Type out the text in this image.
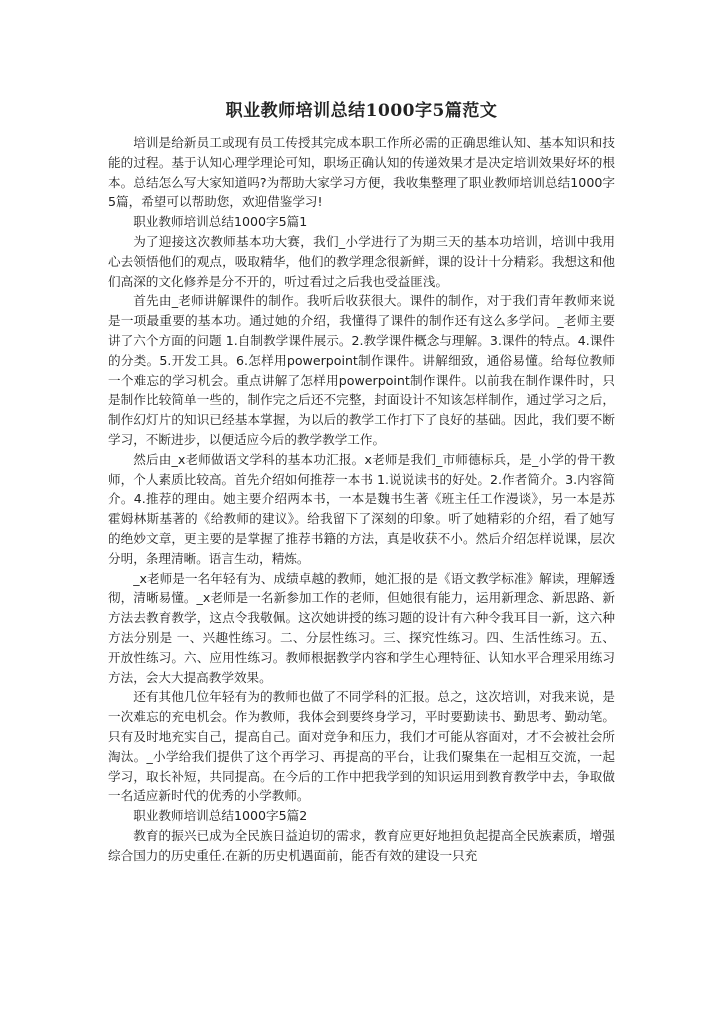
职业教师培训总结1000字5篇范文

培训是给新员工或现有员工传授其完成本职工作所必需的正确思维认知、基本知识和技能的过程。基于认知心理学理论可知，职场正确认知的传递效果才是决定培训效果好坏的根本。总结怎么写大家知道吗?为帮助大家学习方便，我收集整理了职业教师培训总结1000字5篇，希望可以帮助您，欢迎借鉴学习!

职业教师培训总结1000字5篇1

为了迎接这次教师基本功大赛，我们_小学进行了为期三天的基本功培训，培训中我用心去领悟他们的观点，吸取精华，他们的教学理念很新鲜，课的设计十分精彩。我想这和他们高深的文化修养是分不开的，听过看过之后我也受益匪浅。

首先由_老师讲解课件的制作。我听后收获很大。课件的制作，对于我们青年教师来说是一项最重要的基本功。通过她的介绍，我懂得了课件的制作还有这么多学问。_老师主要讲了六个方面的问题 1.自制教学课件展示。2.教学课件概念与理解。3.课件的特点。4.课件的分类。5.开发工具。6.怎样用powerpoint制作课件。讲解细致，通俗易懂。给每位教师一个难忘的学习机会。重点讲解了怎样用powerpoint制作课件。以前我在制作课件时，只是制作比较简单一些的，制作完之后还不完整，封面设计不知该怎样制作，通过学习之后，制作幻灯片的知识已经基本掌握，为以后的教学工作打下了良好的基础。因此，我们要不断学习，不断进步，以便适应今后的教学教学工作。

然后由_x老师做语文学科的基本功汇报。x老师是我们_市师德标兵，是_小学的骨干教师，个人素质比较高。首先介绍如何推荐一本书 1.说说读书的好处。2.作者简介。3.内容简介。4.推荐的理由。她主要介绍两本书，一本是魏书生著《班主任工作漫谈》，另一本是苏霍姆林斯基著的《给教师的建议》。给我留下了深刻的印象。听了她精彩的介绍，看了她写的绝妙文章，更主要的是掌握了推荐书籍的方法，真是收获不小。然后介绍怎样说课，层次分明，条理清晰。语言生动，精炼。

_x老师是一名年轻有为、成绩卓越的教师，她汇报的是《语文教学标准》解读，理解透彻，清晰易懂。_x老师是一名新参加工作的老师，但她很有能力，运用新理念、新思路、新方法去教育教学，这点令我敬佩。这次她讲授的练习题的设计有六种令我耳目一新，这六种方法分别是 一、兴趣性练习。二、分层性练习。三、探究性练习。四、生活性练习。五、开放性练习。六、应用性练习。教师根据教学内容和学生心理特征、认知水平合理采用练习方法，会大大提高教学效果。

还有其他几位年轻有为的教师也做了不同学科的汇报。总之，这次培训，对我来说，是一次难忘的充电机会。作为教师，我体会到要终身学习，平时要勤读书、勤思考、勤动笔。只有及时地充实自己，提高自己。面对竞争和压力，我们才可能从容面对，才不会被社会所淘汰。_小学给我们提供了这个再学习、再提高的平台，让我们聚集在一起相互交流，一起学习，取长补短，共同提高。在今后的工作中把我学到的知识运用到教育教学中去，争取做一名适应新时代的优秀的小学教师。

职业教师培训总结1000字5篇2

教育的振兴已成为全民族日益迫切的需求，教育应更好地担负起提高全民族素质，增强综合国力的历史重任.在新的历史机遇面前，能否有效的建设一只充
